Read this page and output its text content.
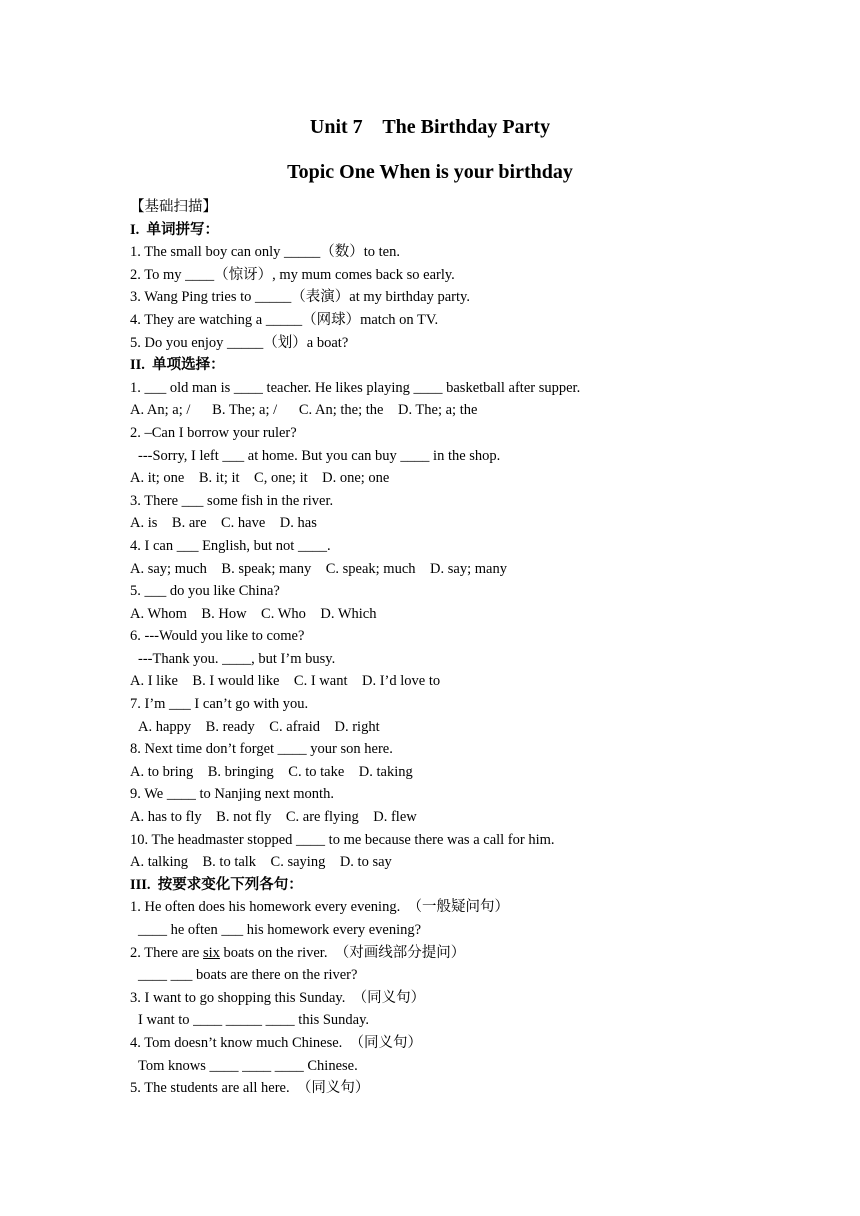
Unit 7    The Birthday Party
Topic One When is your birthday
【基础扫描】
I.  单词拼写：
1. The small boy can only _____（数）to ten.
2. To my ____（惊讶）, my mum comes back so early.
3. Wang Ping tries to _____（表演）at my birthday party.
4. They are watching a _____（网球）match on TV.
5. Do you enjoy _____（划）a boat?
II.  单项选择：
1. ___ old man is ____ teacher. He likes playing ____ basketball after supper.
A. An; a; /      B. The; a; /      C. An; the; the    D. The; a; the
2. –Can I borrow your ruler?
---Sorry, I left ___ at home. But you can buy ____ in the shop.
A. it; one    B. it; it    C, one; it    D. one; one
3. There ___ some fish in the river.
A. is    B. are    C. have    D. has
4. I can ___ English, but not ____.
A. say; much    B. speak; many    C. speak; much    D. say; many
5. ___ do you like China?
A. Whom    B. How    C. Who    D. Which
6. ---Would you like to come?
---Thank you. ____, but I’m busy.
A. I like    B. I would like    C. I want    D. I’d love to
7. I’m ___ I can’t go with you.
A. happy    B. ready    C. afraid    D. right
8. Next time don’t forget ____ your son here.
A. to bring    B. bringing    C. to take    D. taking
9. We ____ to Nanjing next month.
A. has to fly    B. not fly    C. are flying    D. flew
10. The headmaster stopped ____ to me because there was a call for him.
A. talking    B. to talk    C. saying    D. to say
III.  按要求变化下列各句：
1. He often does his homework every evening.  （一般疑问句）
____ he often ___ his homework every evening?
2. There are six boats on the river.  （对画线部分提问）
____ ___ boats are there on the river?
3. I want to go shopping this Sunday.  （同义句）
I want to ____ _____ ____ this Sunday.
4. Tom doesn’t know much Chinese.  （同义句）
Tom knows ____ ____ ____ Chinese.
5. The students are all here.  （同义句）
